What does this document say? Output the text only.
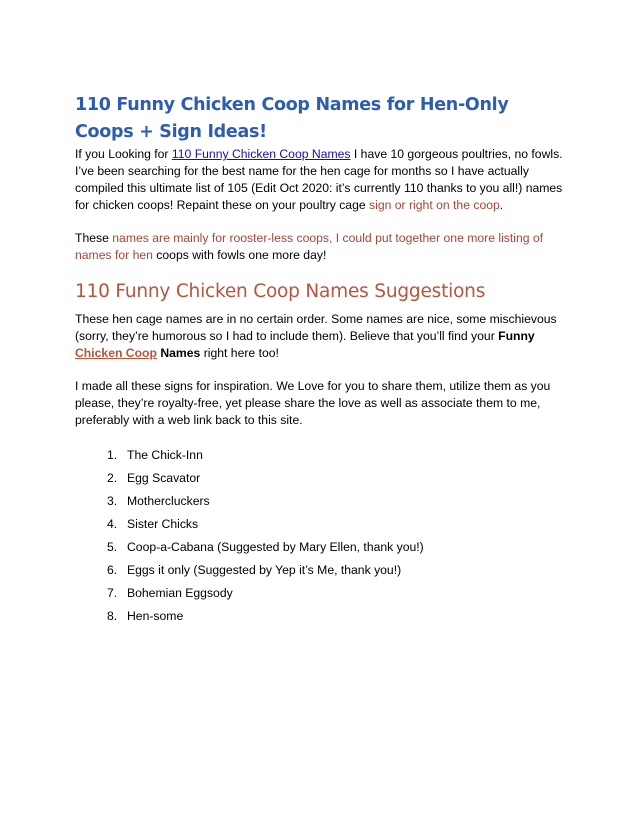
110 Funny Chicken Coop Names for Hen-Only Coops + Sign Ideas!

If you Looking for 110 Funny Chicken Coop Names I have 10 gorgeous poultries, no fowls. I’ve been searching for the best name for the hen cage for months so I have actually compiled this ultimate list of 105 (Edit Oct 2020: it’s currently 110 thanks to you all!) names for chicken coops! Repaint these on your poultry cage sign or right on the coop.

These names are mainly for rooster-less coops, I could put together one more listing of names for hen coops with fowls one more day!

110 Funny Chicken Coop Names Suggestions

These hen cage names are in no certain order. Some names are nice, some mischievous (sorry, they’re humorous so I had to include them). Believe that you’ll find your Funny Chicken Coop Names right here too!

I made all these signs for inspiration. We Love for you to share them, utilize them as you please, they’re royalty-free, yet please share the love as well as associate them to me, preferably with a web link back to this site.

1. The Chick-Inn
2. Egg Scavator
3. Mothercluckers
4. Sister Chicks
5. Coop-a-Cabana (Suggested by Mary Ellen, thank you!)
6. Eggs it only (Suggested by Yep it’s Me, thank you!)
7. Bohemian Eggsody
8. Hen-some
